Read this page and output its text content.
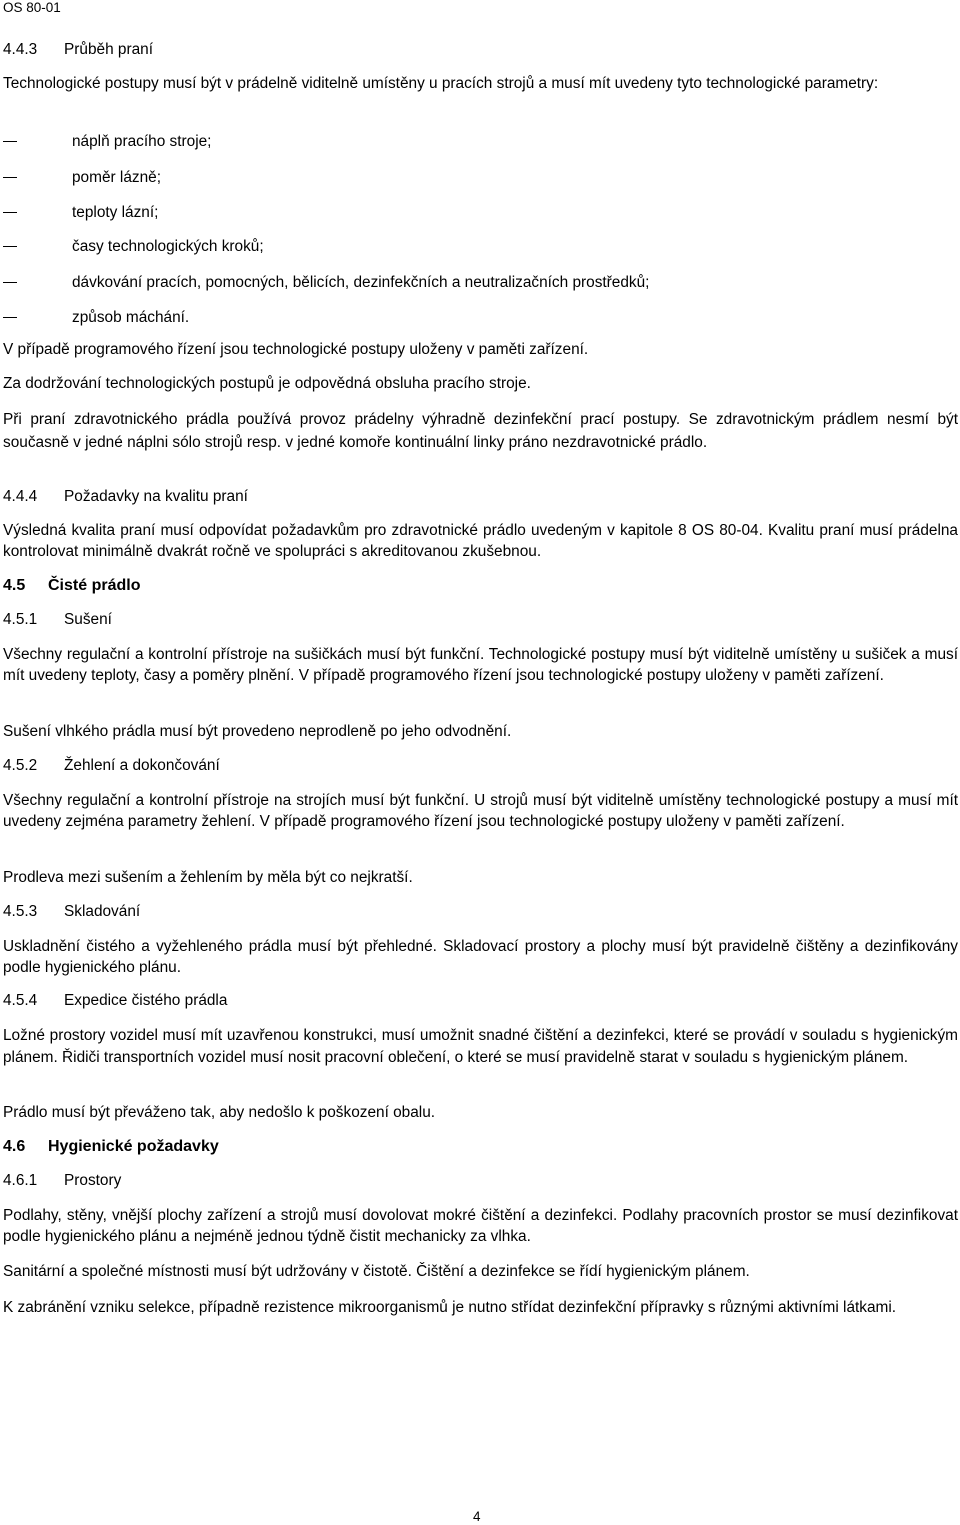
OS 80-01
4.4.3 Průběh praní
Technologické postupy musí být v prádelně viditelně umístěny u pracích strojů a musí mít uvedeny tyto technologické parametry:
náplň pracího stroje;
poměr lázně;
teploty lázní;
časy technologických kroků;
dávkování pracích, pomocných, bělicích, dezinfekčních a neutralizačních prostředků;
způsob máchání.
V případě programového řízení jsou technologické postupy uloženy v paměti zařízení.
Za dodržování technologických postupů je odpovědná obsluha pracího stroje.
Při praní zdravotnického prádla používá provoz prádelny výhradně dezinfekční prací postupy. Se zdravotnickým prádlem nesmí být současně v jedné náplni sólo strojů resp. v jedné komoře kontinuální linky práno nezdravotnické prádlo.
4.4.4 Požadavky na kvalitu praní
Výsledná kvalita praní musí odpovídat požadavkům pro zdravotnické prádlo uvedeným v kapitole 8 OS 80-04. Kvalitu praní musí prádelna kontrolovat minimálně dvakrát ročně ve spolupráci s akreditovanou zkušebnou.
4.5 Čisté prádlo
4.5.1 Sušení
Všechny regulační a kontrolní přístroje na sušičkách musí být funkční. Technologické postupy musí být viditelně umístěny u sušiček a musí mít uvedeny teploty, časy a poměry plnění. V případě programového řízení jsou technologické postupy uloženy v paměti zařízení.
Sušení vlhkého prádla musí být provedeno neprodleně po jeho odvodnění.
4.5.2 Žehlení a dokončování
Všechny regulační a kontrolní přístroje na strojích musí být funkční. U strojů musí být viditelně umístěny technologické postupy a musí mít uvedeny zejména parametry žehlení. V případě programového řízení jsou technologické postupy uloženy v paměti zařízení.
Prodleva mezi sušením a žehlením by měla být co nejkratší.
4.5.3 Skladování
Uskladnění čistého a vyžehleného prádla musí být přehledné. Skladovací prostory a plochy musí být pravidelně čištěny a dezinfikovány podle hygienického plánu.
4.5.4 Expedice čistého prádla
Ložné prostory vozidel musí mít uzavřenou konstrukci, musí umožnit snadné čištění a dezinfekci, které se provádí v souladu s hygienickým plánem. Řidiči transportních vozidel musí nosit pracovní oblečení, o které se musí pravidelně starat v souladu s hygienickým plánem.
Prádlo musí být převáženo tak, aby nedošlo k poškození obalu.
4.6 Hygienické požadavky
4.6.1 Prostory
Podlahy, stěny, vnější plochy zařízení a strojů musí dovolovat mokré čištění a dezinfekci. Podlahy pracovních prostor se musí dezinfikovat podle hygienického plánu a nejméně jednou týdně čistit mechanicky za vlhka.
Sanitární a společné místnosti musí být udržovány v čistotě. Čištění a dezinfekce se řídí hygienickým plánem.
K zabránění vzniku selekce, případně rezistence mikroorganismů je nutno střídat dezinfekční přípravky s různými aktivními látkami.
4
